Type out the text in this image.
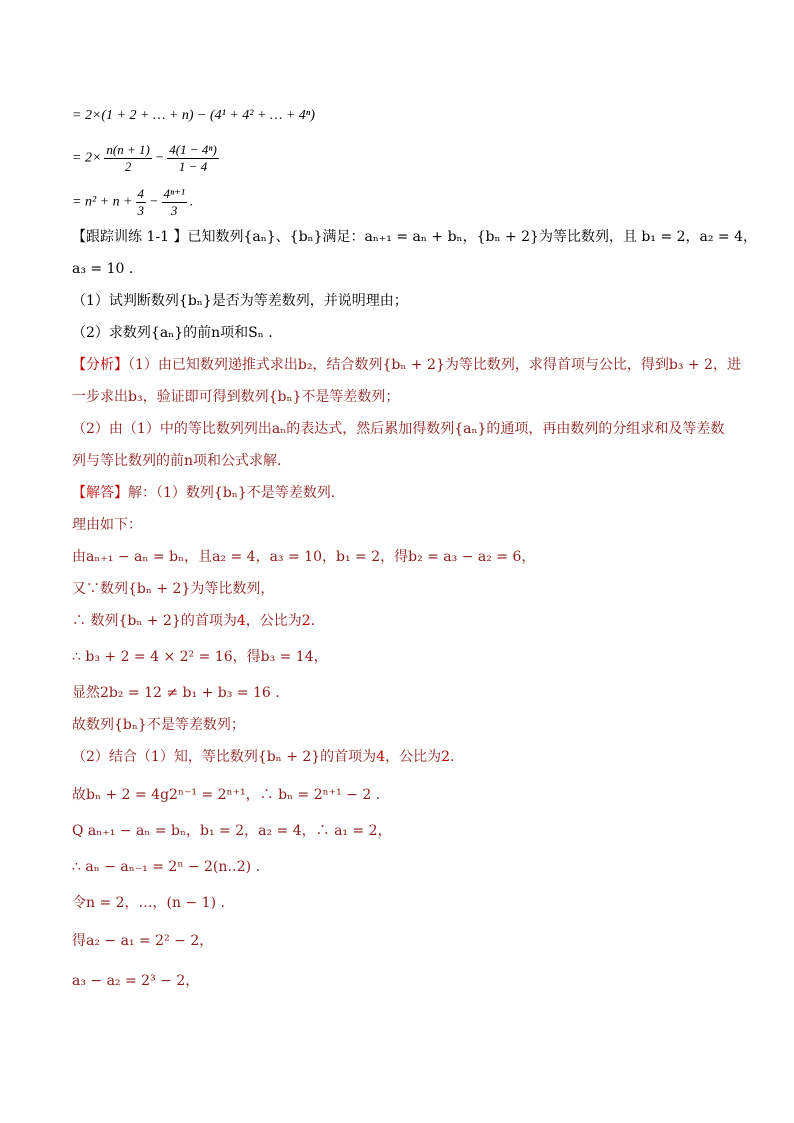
= 2×(1 + 2 + … + n) − (4¹ + 4² + … + 4ⁿ)
= $2\times \frac{n(n + 1)}{2} - \frac{\text{4(1 − 4ⁿ)}}{1 - 4}$
= $n^2 + n + \frac{4}{3} - \frac{\text{4ⁿ⁺¹}}{3}$ .
【跟踪训练 1-1 】已知数列{aₙ}、{bₙ}满足：aₙ₊₁ = aₙ + bₙ，{bₙ + 2}为等比数列，且 b₁ = 2，a₂ = 4，
a₃ = 10 .
（1）试判断数列{bₙ}是否为等差数列，并说明理由；
（2）求数列{aₙ}的前n项和Sₙ .
【分析】（1）由已知数列递推式求出b₂，结合数列{bₙ + 2}为等比数列，求得首项与公比，得到b₃ + 2，进
一步求出b₃，验证即可得到数列{bₙ}不是等差数列；
（2）由（1）中的等比数列列出aₙ的表达式，然后累加得数列{aₙ}的通项，再由数列的分组求和及等差数
列与等比数列的前n项和公式求解.
【解答】解：（1）数列{bₙ}不是等差数列.
理由如下：
由aₙ₊₁ − aₙ = bₙ，且a₂ = 4，a₃ = 10，b₁ = 2，得b₂ = a₃ − a₂ = 6，
又∵数列{bₙ + 2}为等比数列，
∴ 数列{bₙ + 2}的首项为4，公比为2.
∴ b₃ + 2 = 4 × 2² = 16，得b₃ = 14，
显然2b₂ = 12 ≠ b₁ + b₃ = 16 .
故数列{bₙ}不是等差数列；
（2）结合（1）知，等比数列{bₙ + 2}的首项为4，公比为2.
故bₙ + 2 = 4g2ⁿ⁻¹ = 2ⁿ⁺¹，∴ bₙ = 2ⁿ⁺¹ − 2 .
Q aₙ₊₁ − aₙ = bₙ，b₁ = 2，a₂ = 4，∴ a₁ = 2，
∴ aₙ − aₙ₋₁ = 2ⁿ − 2(n‥2) .
令n = 2，…，(n − 1) .
得a₂ − a₁ = 2² − 2，
a₃ − a₂ = 2³ − 2，
